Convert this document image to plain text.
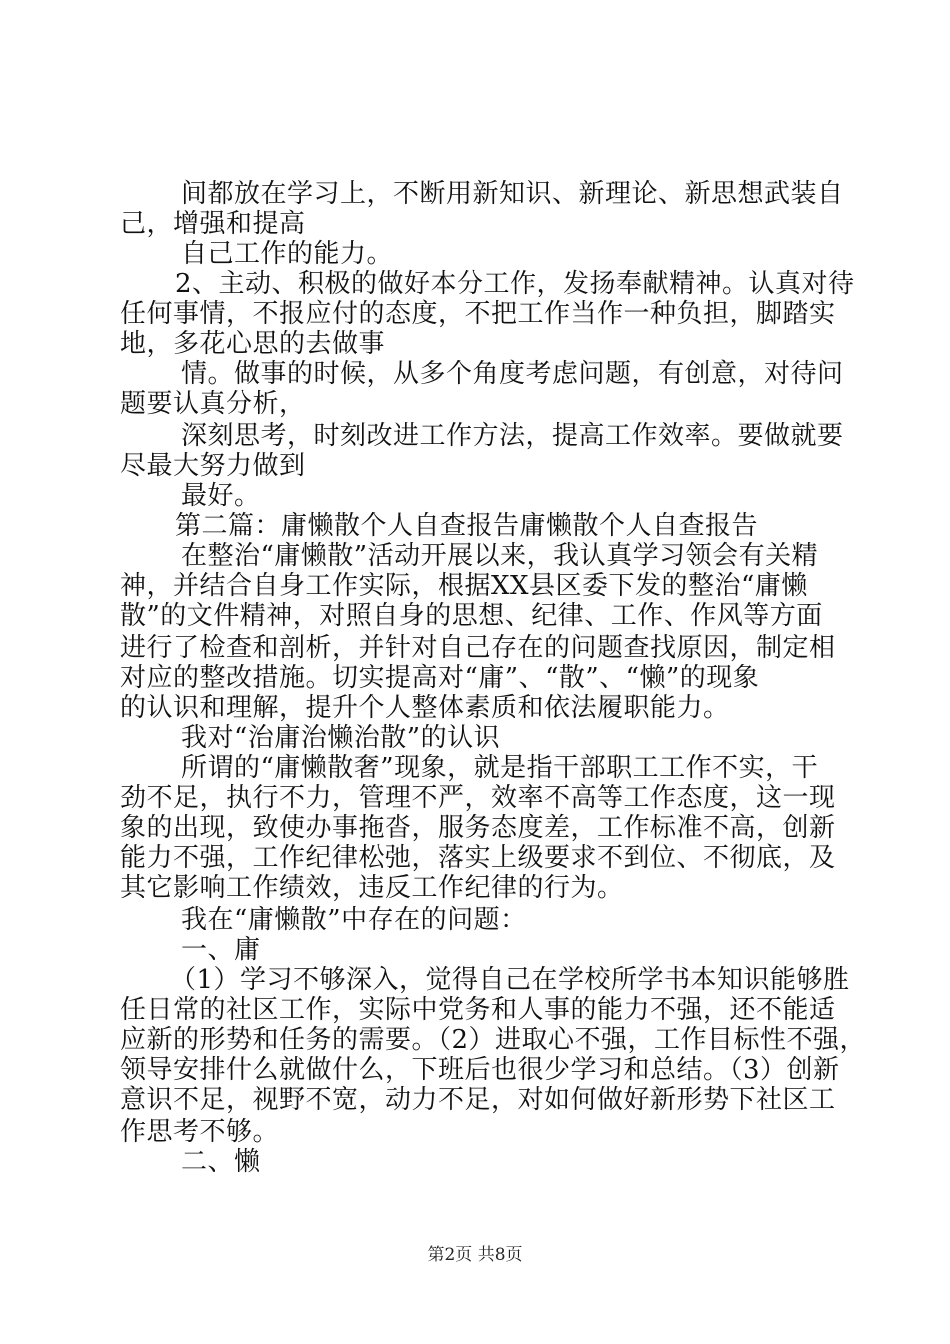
间都放在学习上，不断用新知识、新理论、新思想武装自
己，增强和提高
自己工作的能力。
2、主动、积极的做好本分工作，发扬奉献精神。认真对待
任何事情，不报应付的态度，不把工作当作一种负担，脚踏实
地，多花心思的去做事
情。做事的时候，从多个角度考虑问题，有创意，对待问
题要认真分析，
深刻思考，时刻改进工作方法，提高工作效率。要做就要
尽最大努力做到
最好。
第二篇：庸懒散个人自查报告庸懒散个人自查报告
在整治“庸懒散”活动开展以来，我认真学习领会有关精
神，并结合自身工作实际，根据XX县区委下发的整治“庸懒
散”的文件精神，对照自身的思想、纪律、工作、作风等方面
进行了检查和剖析，并针对自己存在的问题查找原因，制定相
对应的整改措施。切实提高对“庸”、“散”、“懒”的现象
的认识和理解，提升个人整体素质和依法履职能力。
我对“治庸治懒治散”的认识
所谓的“庸懒散奢”现象，就是指干部职工工作不实，干
劲不足，执行不力，管理不严，效率不高等工作态度，这一现
象的出现，致使办事拖沓，服务态度差，工作标准不高，创新
能力不强，工作纪律松弛，落实上级要求不到位、不彻底，及
其它影响工作绩效，违反工作纪律的行为。
我在“庸懒散”中存在的问题：
一、庸
（1）学习不够深入，觉得自己在学校所学书本知识能够胜
任日常的社区工作，实际中党务和人事的能力不强，还不能适
应新的形势和任务的需要。（2）进取心不强，工作目标性不强，
领导安排什么就做什么，下班后也很少学习和总结。（3）创新
意识不足，视野不宽，动力不足，对如何做好新形势下社区工
作思考不够。
二、懒
第2页 共8页
